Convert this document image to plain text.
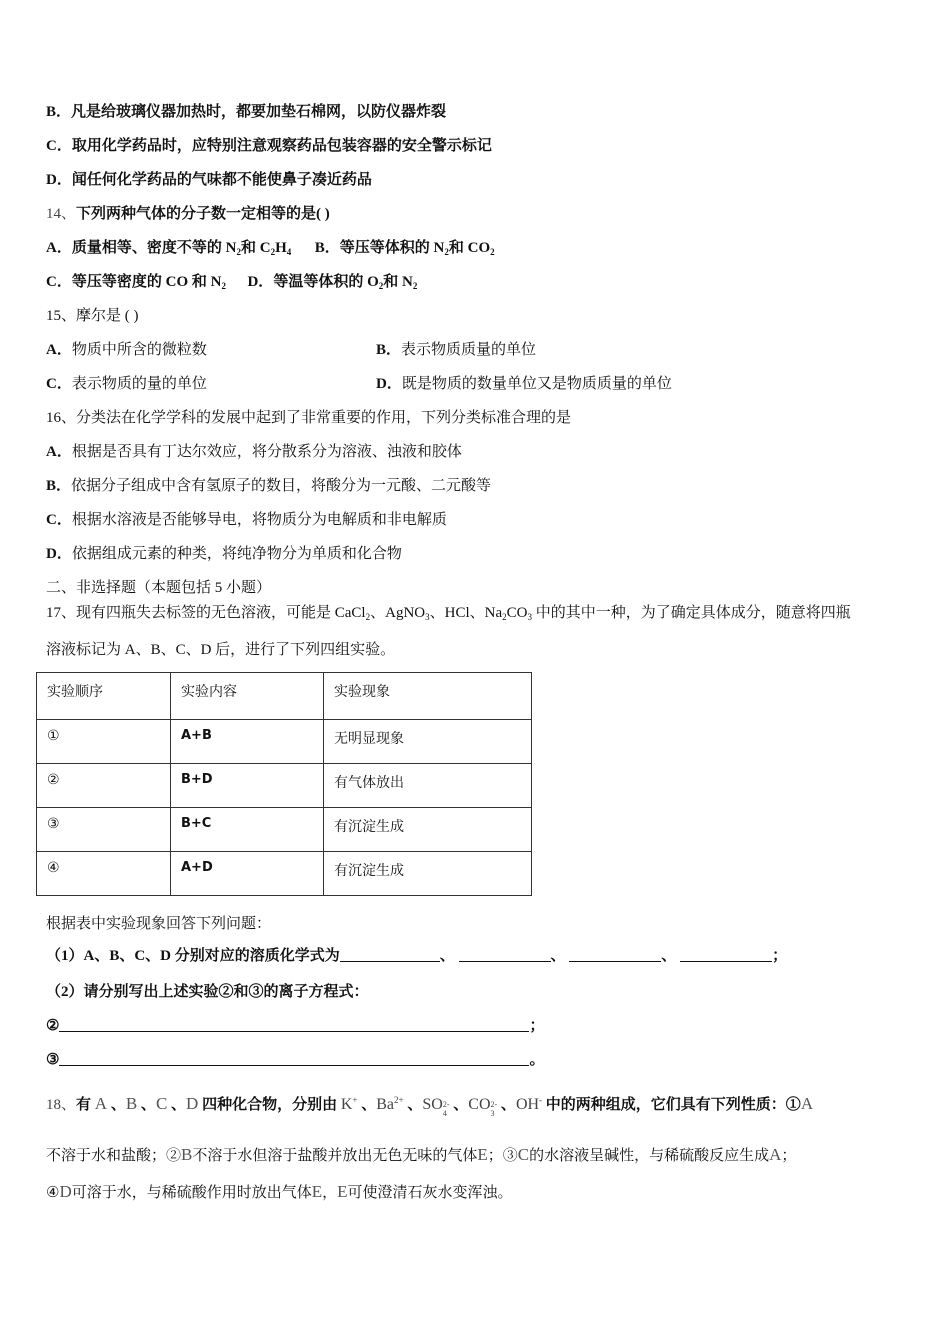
B．凡是给玻璃仪器加热时，都要加垫石棉网，以防仪器炸裂
C．取用化学药品时，应特别注意观察药品包装容器的安全警示标记
D．闻任何化学药品的气味都不能使鼻子凑近药品
14、下列两种气体的分子数一定相等的是( )
A．质量相等、密度不等的 $N_2$和 $C_2H_4$ B．等压等体积的 $N_2$和 $CO_2$
C．等压等密度的 CO 和 $N_2$ D．等温等体积的 $O_2$和 $N_2$
15、摩尔是 ( )
A．物质中所含的微粒数	B．表示物质质量的单位
C．表示物质的量的单位	D．既是物质的数量单位又是物质质量的单位
16、分类法在化学学科的发展中起到了非常重要的作用，下列分类标准合理的是
A．根据是否具有丁达尔效应，将分散系分为溶液、浊液和胶体
B．依据分子组成中含有氢原子的数目，将酸分为一元酸、二元酸等
C．根据水溶液是否能够导电，将物质分为电解质和非电解质
D．依据组成元素的种类，将纯净物分为单质和化合物
二、非选择题（本题包括 5 小题）
17、现有四瓶失去标签的无色溶液，可能是 CaCl$_2$、AgNO$_3$、HCl、$Na_2CO_3$ 中的其中一种，为了确定具体成分，随意将四瓶
溶液标记为 A、B、C、D 后，进行了下列四组实验。
实验顺序	实验内容	实验现象
①	A+B	无明显现象
②	B+D	有气体放出
③	B+C	有沉淀生成
④	A+D	有沉淀生成
根据表中实验现象回答下列问题：
（1）A、B、C、D 分别对应的溶质化学式为	、	、	、	；
（2）请分别写出上述实验②和③的离子方程式：
②	；
③	。
18、有 A 、B 、C 、D 四种化合物，分别由 K+ 、$Ba^{2+}$ 、SO 2-
4
、CO 2-
3
、OH- 中的两种组成，它们具有下列性质：①A
不溶于水和盐酸；②B不溶于水但溶于盐酸并放出无色无味的气体E；③C的水溶液呈碱性，与稀硫酸反应生成A；
④D可溶于水，与稀硫酸作用时放出气体E，E可使澄清石灰水变浑浊。
